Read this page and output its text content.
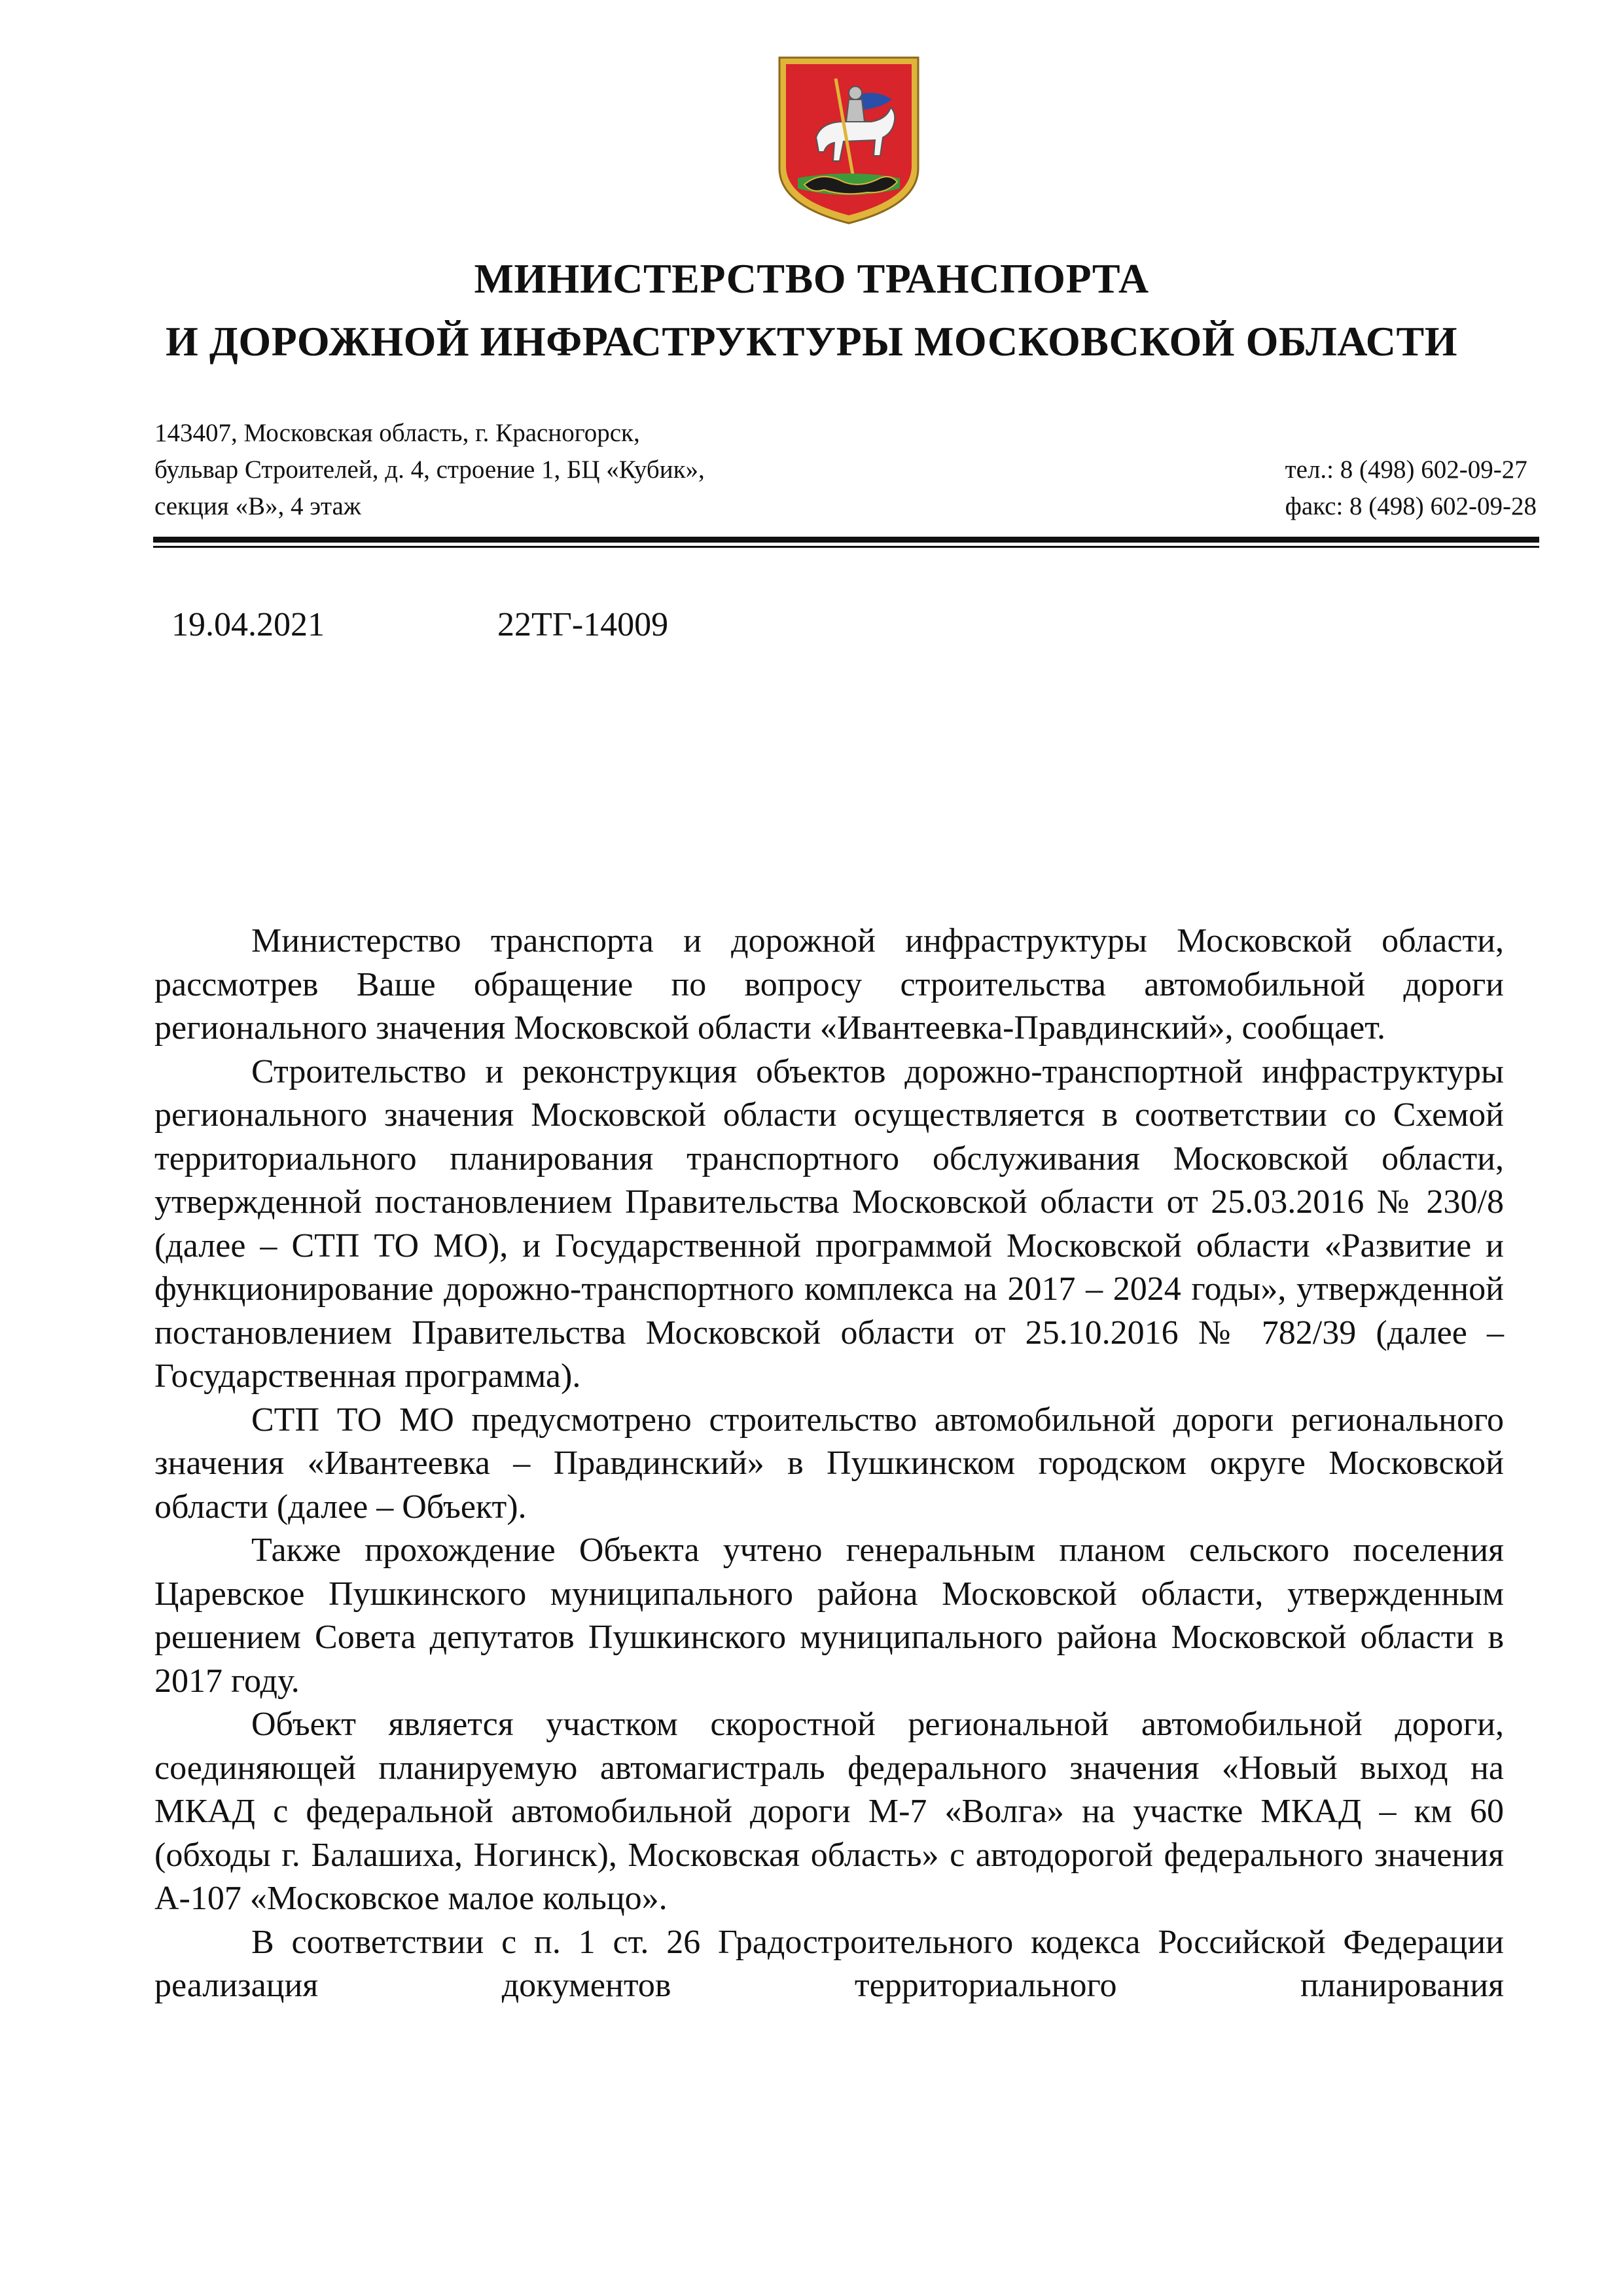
МИНИСТЕРСТВО ТРАНСПОРТА
И ДОРОЖНОЙ ИНФРАСТРУКТУРЫ МОСКОВСКОЙ ОБЛАСТИ
143407, Московская область, г. Красногорск,
бульвар Строителей, д. 4, строение 1, БЦ «Кубик»,
секция «В», 4 этаж
тел.: 8 (498) 602-09-27
факс: 8 (498) 602-09-28
19.04.2021	22ТГ-14009

Министерство транспорта и дорожной инфраструктуры Московской области, рассмотрев Ваше обращение по вопросу строительства автомобильной дороги регионального значения Московской области «Ивантеевка-Правдинский», сообщает.

Строительство и реконструкция объектов дорожно-транспортной инфраструктуры регионального значения Московской области осуществляется в соответствии со Схемой территориального планирования транспортного обслуживания Московской области, утвержденной постановлением Правительства Московской области от 25.03.2016 № 230/8 (далее – СТП ТО МО), и Государственной программой Московской области «Развитие и функционирование дорожно-транспортного комплекса на 2017 – 2024 годы», утвержденной постановлением Правительства Московской области от 25.10.2016 № 782/39 (далее – Государственная программа).

СТП ТО МО предусмотрено строительство автомобильной дороги регионального значения «Ивантеевка – Правдинский» в Пушкинском городском округе Московской области (далее – Объект).

Также прохождение Объекта учтено генеральным планом сельского поселения Царевское Пушкинского муниципального района Московской области, утвержденным решением Совета депутатов Пушкинского муниципального района Московской области в 2017 году.

Объект является участком скоростной региональной автомобильной дороги, соединяющей планируемую автомагистраль федерального значения «Новый выход на МКАД с федеральной автомобильной дороги М-7 «Волга» на участке МКАД – км 60 (обходы г. Балашиха, Ногинск), Московская область» с автодорогой федерального значения А-107 «Московское малое кольцо».

В соответствии с п. 1 ст. 26 Градостроительного кодекса Российской Федерации реализация документов территориального планирования
